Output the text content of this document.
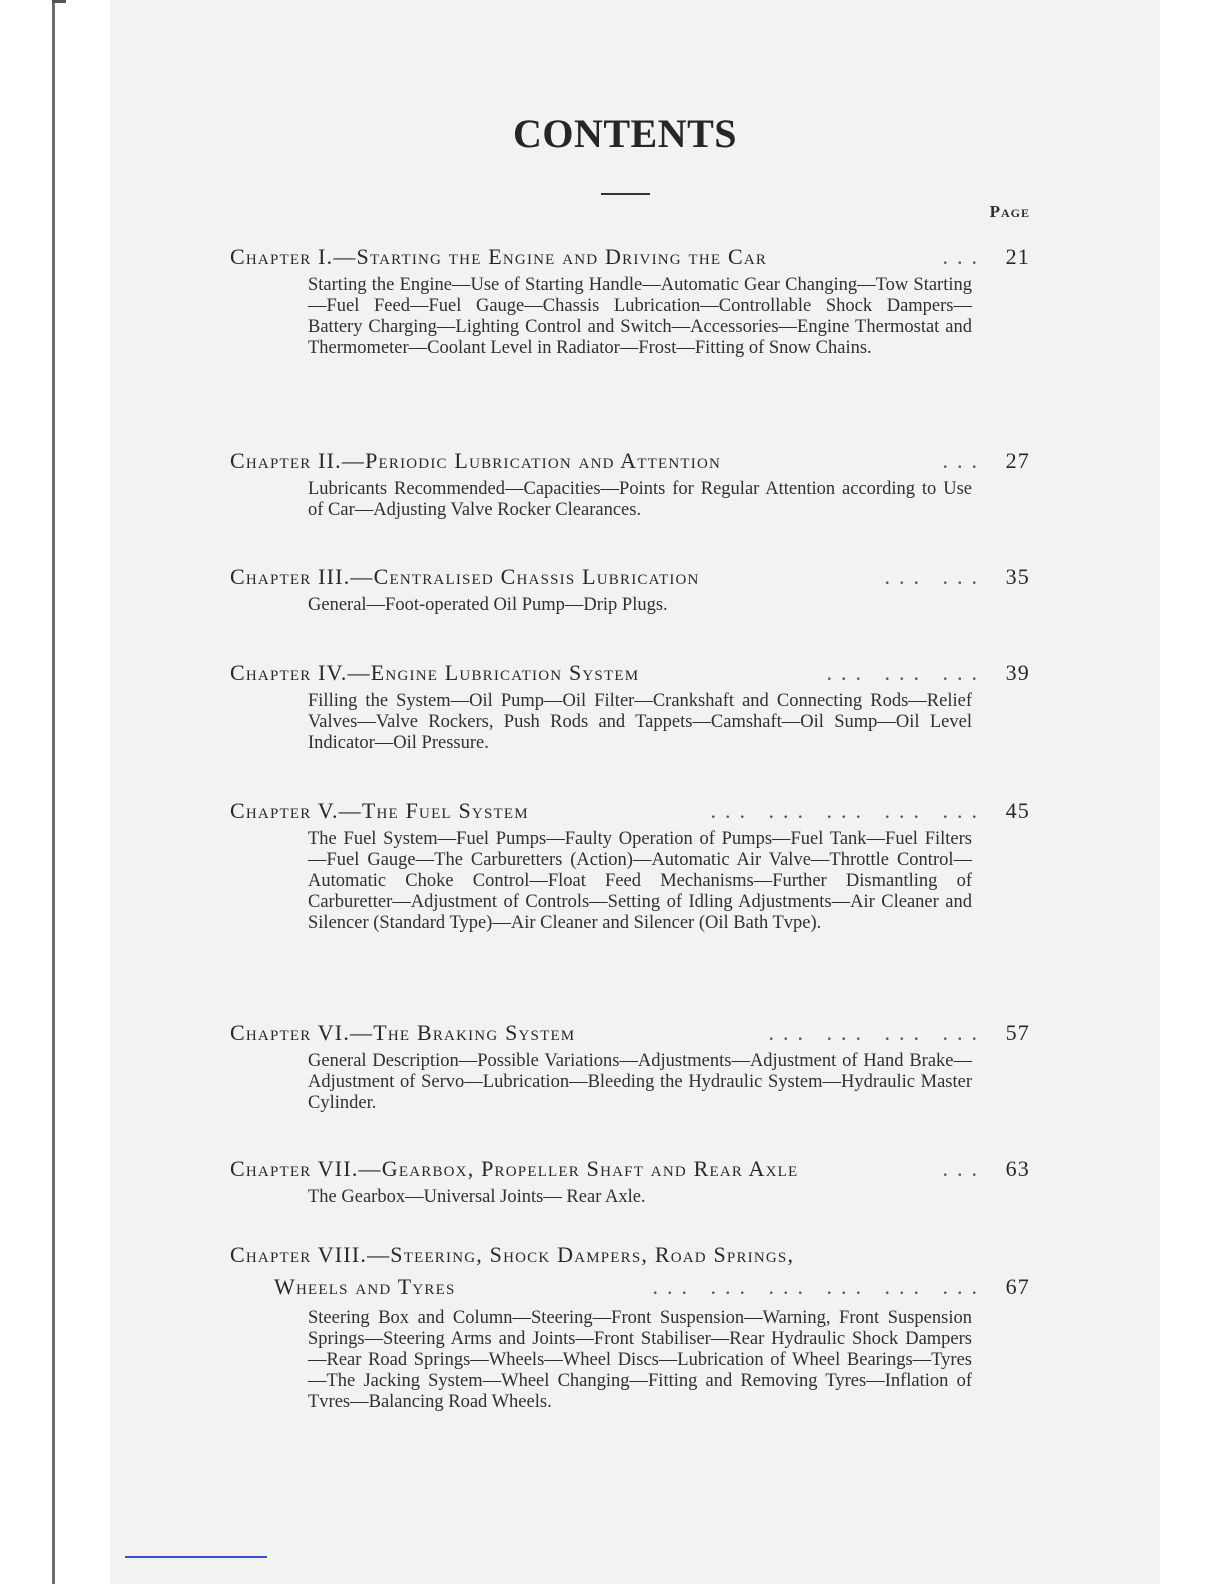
CONTENTS
Page
Chapter I.—Starting the Engine and Driving the Car	... 21
Starting the Engine—Use of Starting Handle—Automatic Gear Changing—Tow Starting—Fuel Feed—Fuel Gauge—Chassis Lubrication—Controllable Shock Dampers—Battery Charging—Lighting Control and Switch—Accessories—Engine Thermostat and Thermometer—Coolant Level in Radiator—Frost—Fitting of Snow Chains.
Chapter II.—Periodic Lubrication and Attention	... 27
Lubricants Recommended—Capacities—Points for Regular Attention according to Use of Car—Adjusting Valve Rocker Clearances.
Chapter III.—Centralised Chassis Lubrication	... ... 35
General—Foot-operated Oil Pump—Drip Plugs.
Chapter IV.—Engine Lubrication System	... ... ... 39
Filling the System—Oil Pump—Oil Filter—Crankshaft and Connecting Rods—Relief Valves—Valve Rockers, Push Rods and Tappets—Camshaft—Oil Sump—Oil Level Indicator—Oil Pressure.
Chapter V.—The Fuel System	... ... ... ... ... 45
The Fuel System—Fuel Pumps—Faulty Operation of Pumps—Fuel Tank—Fuel Filters—Fuel Gauge—The Carburetters (Action)—Automatic Air Valve—Throttle Control—Automatic Choke Control—Float Feed Mechanisms—Further Dismantling of Carburetter—Adjustment of Controls—Setting of Idling Adjustments—Air Cleaner and Silencer (Standard Type)—Air Cleaner and Silencer (Oil Bath Tvpe).
Chapter VI.—The Braking System	... ... ... ... 57
General Description—Possible Variations—Adjustments—Adjustment of Hand Brake—Adjustment of Servo—Lubrication—Bleeding the Hydraulic System—Hydraulic Master Cylinder.
Chapter VII.—Gearbox, Propeller Shaft and Rear Axle	... 63
The Gearbox—Universal Joints— Rear Axle.
Chapter VIII.—Steering, Shock Dampers, Road Springs,
Wheels and Tyres	... ... ... ... ... ... 67
Steering Box and Column—Steering—Front Suspension—Warning, Front Suspension Springs—Steering Arms and Joints—Front Stabiliser—Rear Hydraulic Shock Dampers—Rear Road Springs—Wheels—Wheel Discs—Lubrication of Wheel Bearings—Tyres—The Jacking System—Wheel Changing—Fitting and Removing Tyres—Inflation of Tvres—Balancing Road Wheels.
